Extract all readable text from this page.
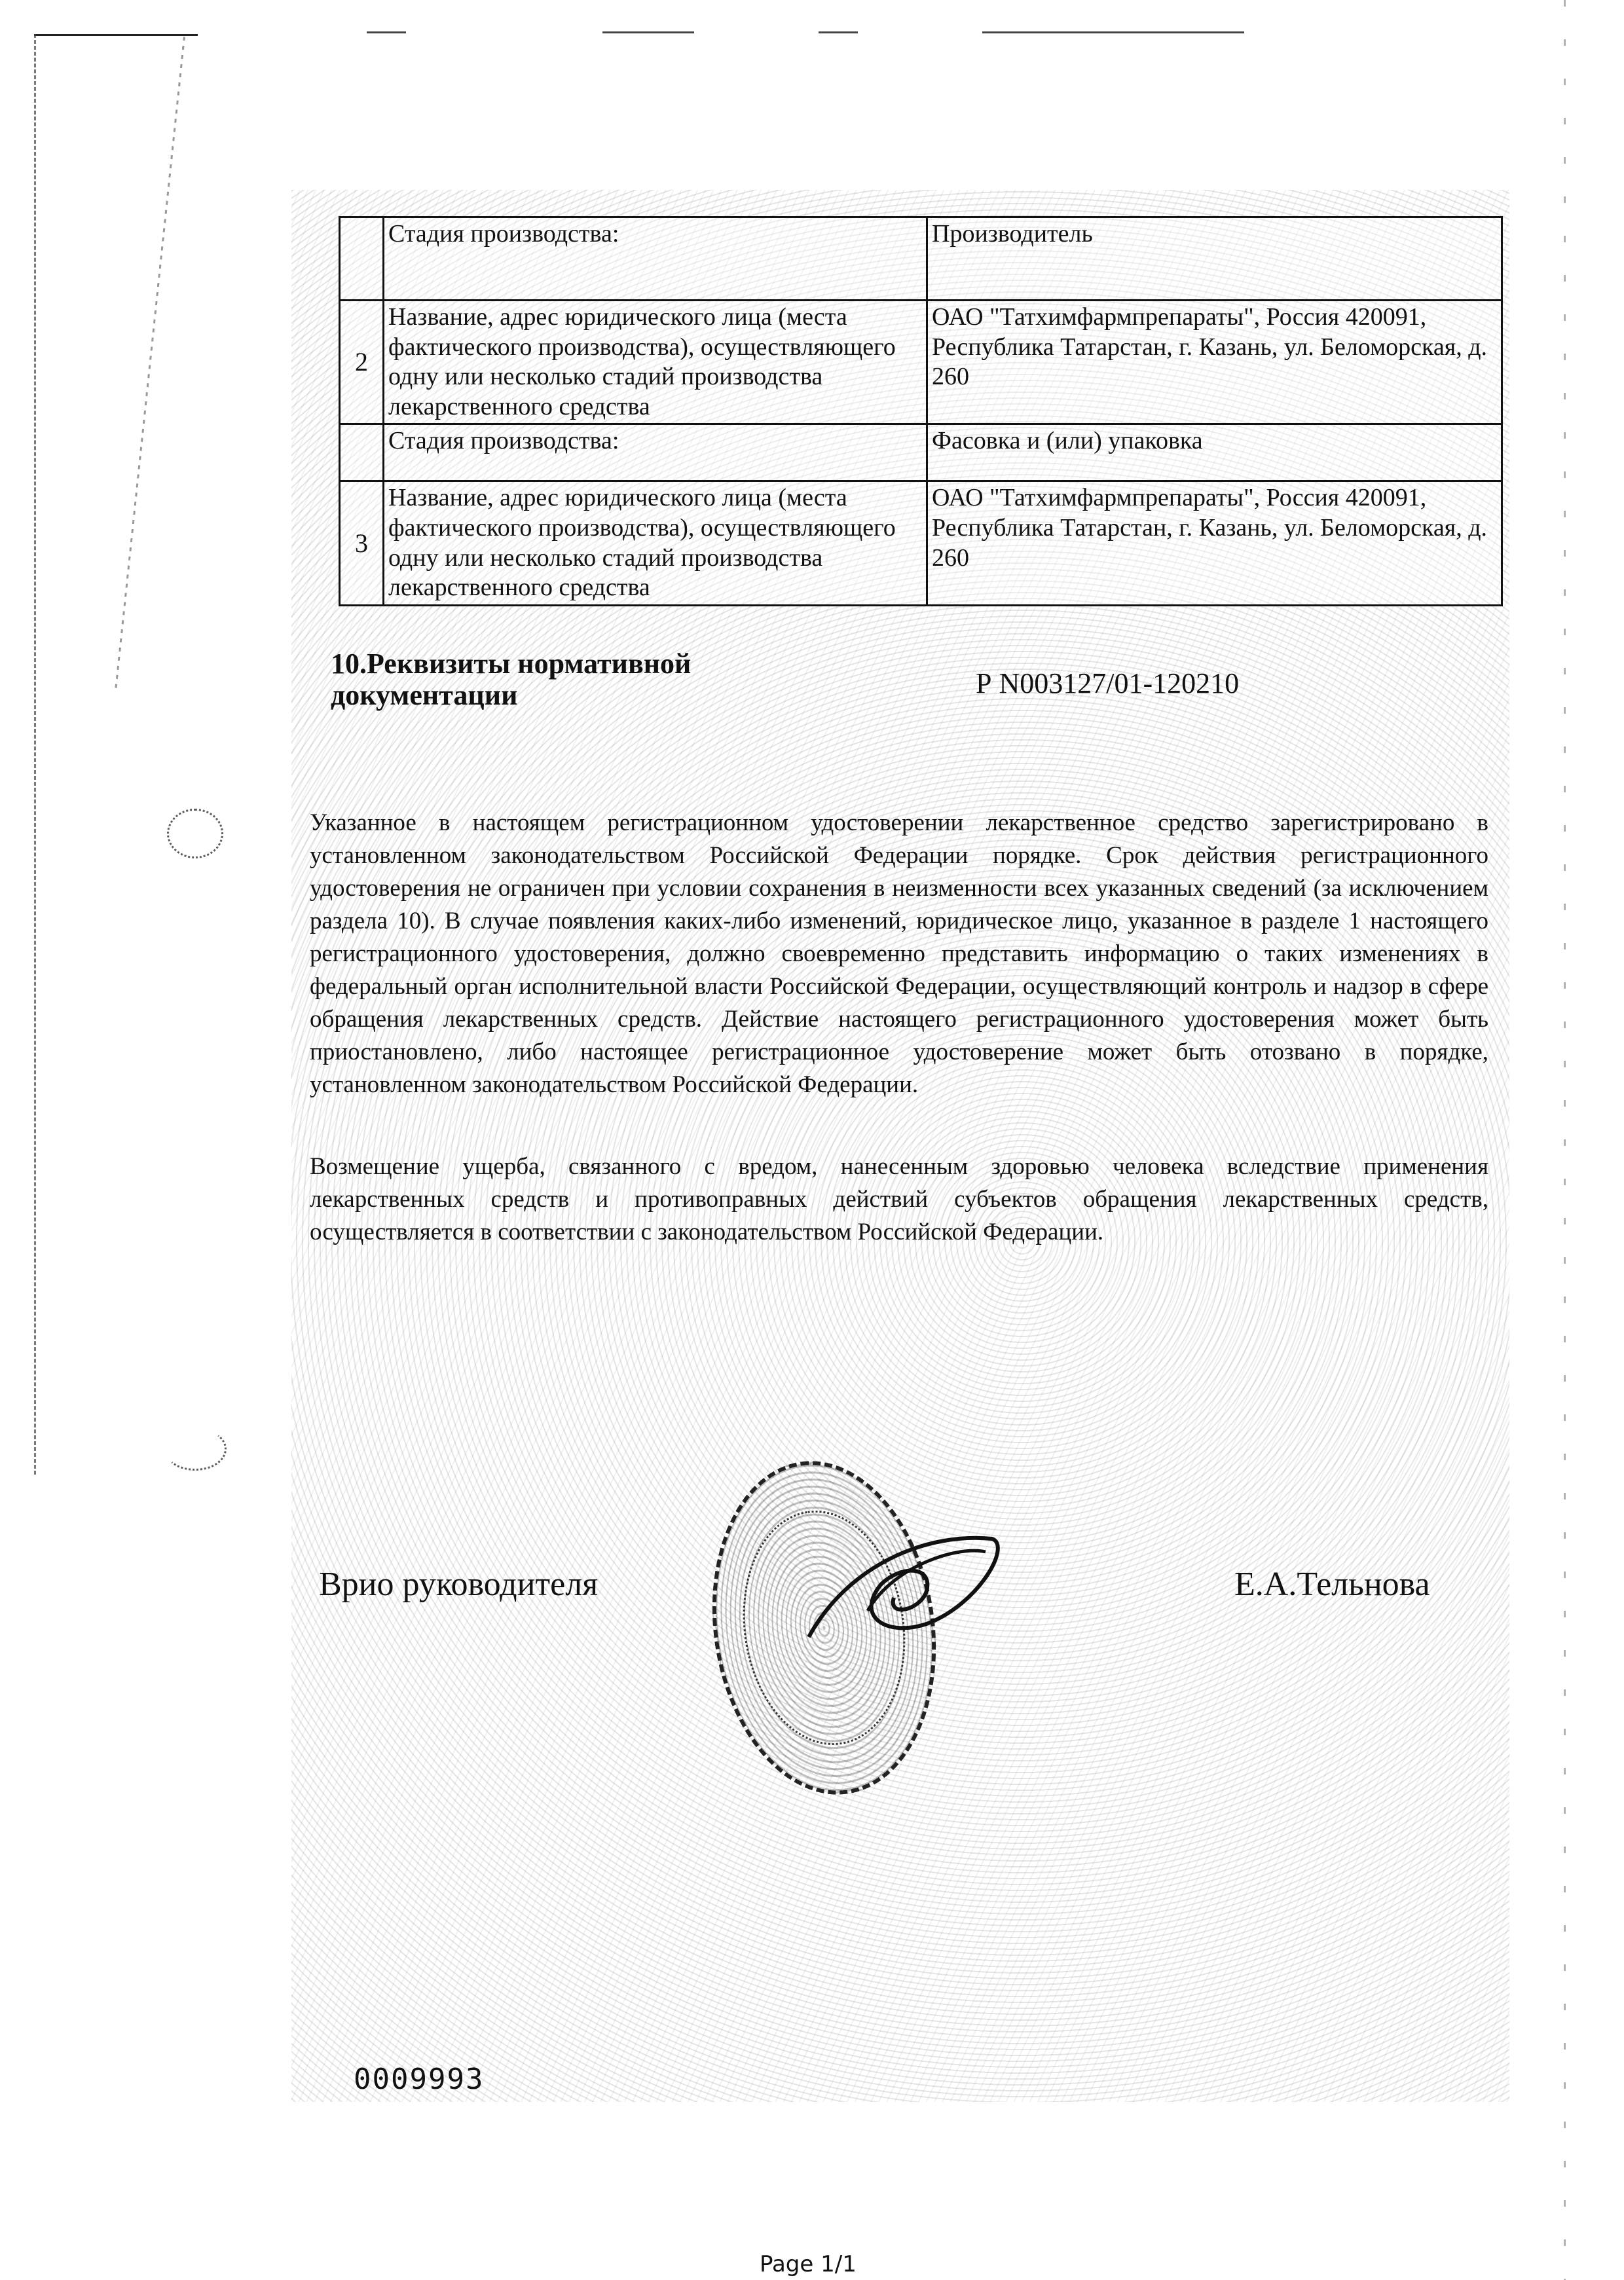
	Стадия производства:	Производитель
2	Название, адрес юридического лица (места фактического производства), осуществляющего одну или несколько стадий производства лекарственного средства	ОАО "Татхимфармпрепараты", Россия 420091, Республика Татарстан, г. Казань, ул. Беломорская, д. 260
	Стадия производства:	Фасовка и (или) упаковка
3	Название, адрес юридического лица (места фактического производства), осуществляющего одну или несколько стадий производства лекарственного средства	ОАО "Татхимфармпрепараты", Россия 420091, Республика Татарстан, г. Казань, ул. Беломорская, д. 260
10.Реквизиты нормативной документации	Р N003127/01-120210

Указанное в настоящем регистрационном удостоверении лекарственное средство зарегистрировано в установленном законодательством Российской Федерации порядке. Срок действия регистрационного удостоверения не ограничен при условии сохранения в неизменности всех указанных сведений (за исключением раздела 10). В случае появления каких-либо изменений, юридическое лицо, указанное в разделе 1 настоящего регистрационного удостоверения, должно своевременно представить информацию о таких изменениях в федеральный орган исполнительной власти Российской Федерации, осуществляющий контроль и надзор в сфере обращения лекарственных средств. Действие настоящего регистрационного удостоверения может быть приостановлено, либо настоящее регистрационное удостоверение может быть отозвано в порядке, установленном законодательством Российской Федерации.

Возмещение ущерба, связанного с вредом, нанесенным здоровью человека вследствие применения лекарственных средств и противоправных действий субъектов обращения лекарственных средств, осуществляется в соответствии с законодательством Российской Федерации.

Врио руководителя	Е.А.Тельнова
0009993
Page 1/1
